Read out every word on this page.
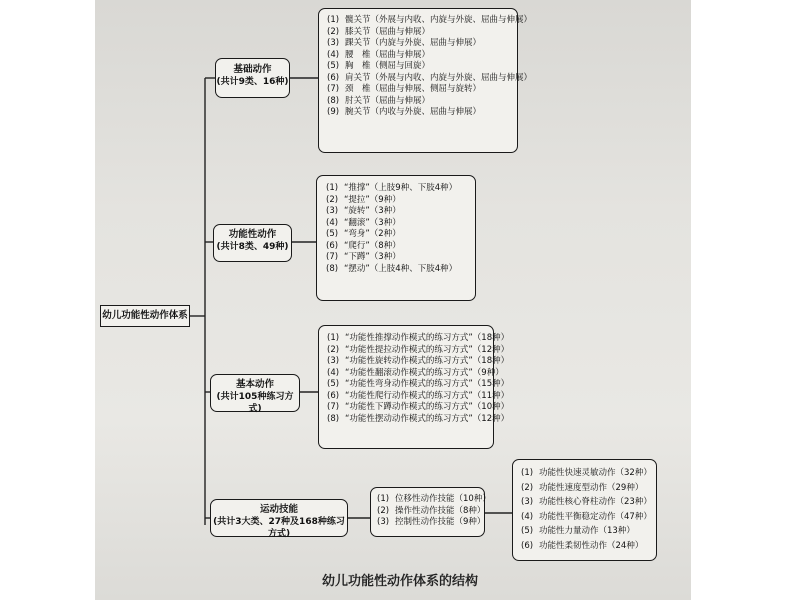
幼儿功能性动作体系
基础动作
(共计9类、16种)
(1) 髋关节（外展与内收、内旋与外旋、屈曲与伸展）
(2) 膝关节（屈曲与伸展）
(3) 踝关节（内旋与外旋、屈曲与伸展）
(4) 腰　椎（屈曲与伸展）
(5) 胸　椎（侧屈与回旋）
(6) 肩关节（外展与内收、内旋与外旋、屈曲与伸展）
(7) 颈　椎（屈曲与伸展、侧屈与旋转）
(8) 肘关节（屈曲与伸展）
(9) 腕关节（内收与外旋、屈曲与伸展）
功能性动作
(共计8类、49种)
(1) “推撑”（上肢9种、下肢4种）
(2) “提拉”（9种）
(3) “旋转”（3种）
(4) “翻滚”（3种）
(5) “弯身”（2种）
(6) “爬行”（8种）
(7) “下蹲”（3种）
(8) “摆动”（上肢4种、下肢4种）
基本动作
(共计105种练习方式)
(1) “功能性推撑动作模式的练习方式”（18种）
(2) “功能性提拉动作模式的练习方式”（12种）
(3) “功能性旋转动作模式的练习方式”（18种）
(4) “功能性翻滚动作模式的练习方式”（9种）
(5) “功能性弯身动作模式的练习方式”（15种）
(6) “功能性爬行动作模式的练习方式”（11种）
(7) “功能性下蹲动作模式的练习方式”（10种）
(8) “功能性摆动动作模式的练习方式”（12种）
运动技能
(共计3大类、27种及168种练习方式)
(1) 位移性动作技能（10种）
(2) 操作性动作技能（8种）
(3) 控制性动作技能（9种）
(1) 功能性快速灵敏动作（32种）
(2) 功能性速度型动作（29种）
(3) 功能性核心脊柱动作（23种）
(4) 功能性平衡稳定动作（47种）
(5) 功能性力量动作（13种）
(6) 功能性柔韧性动作（24种）
幼儿功能性动作体系的结构
